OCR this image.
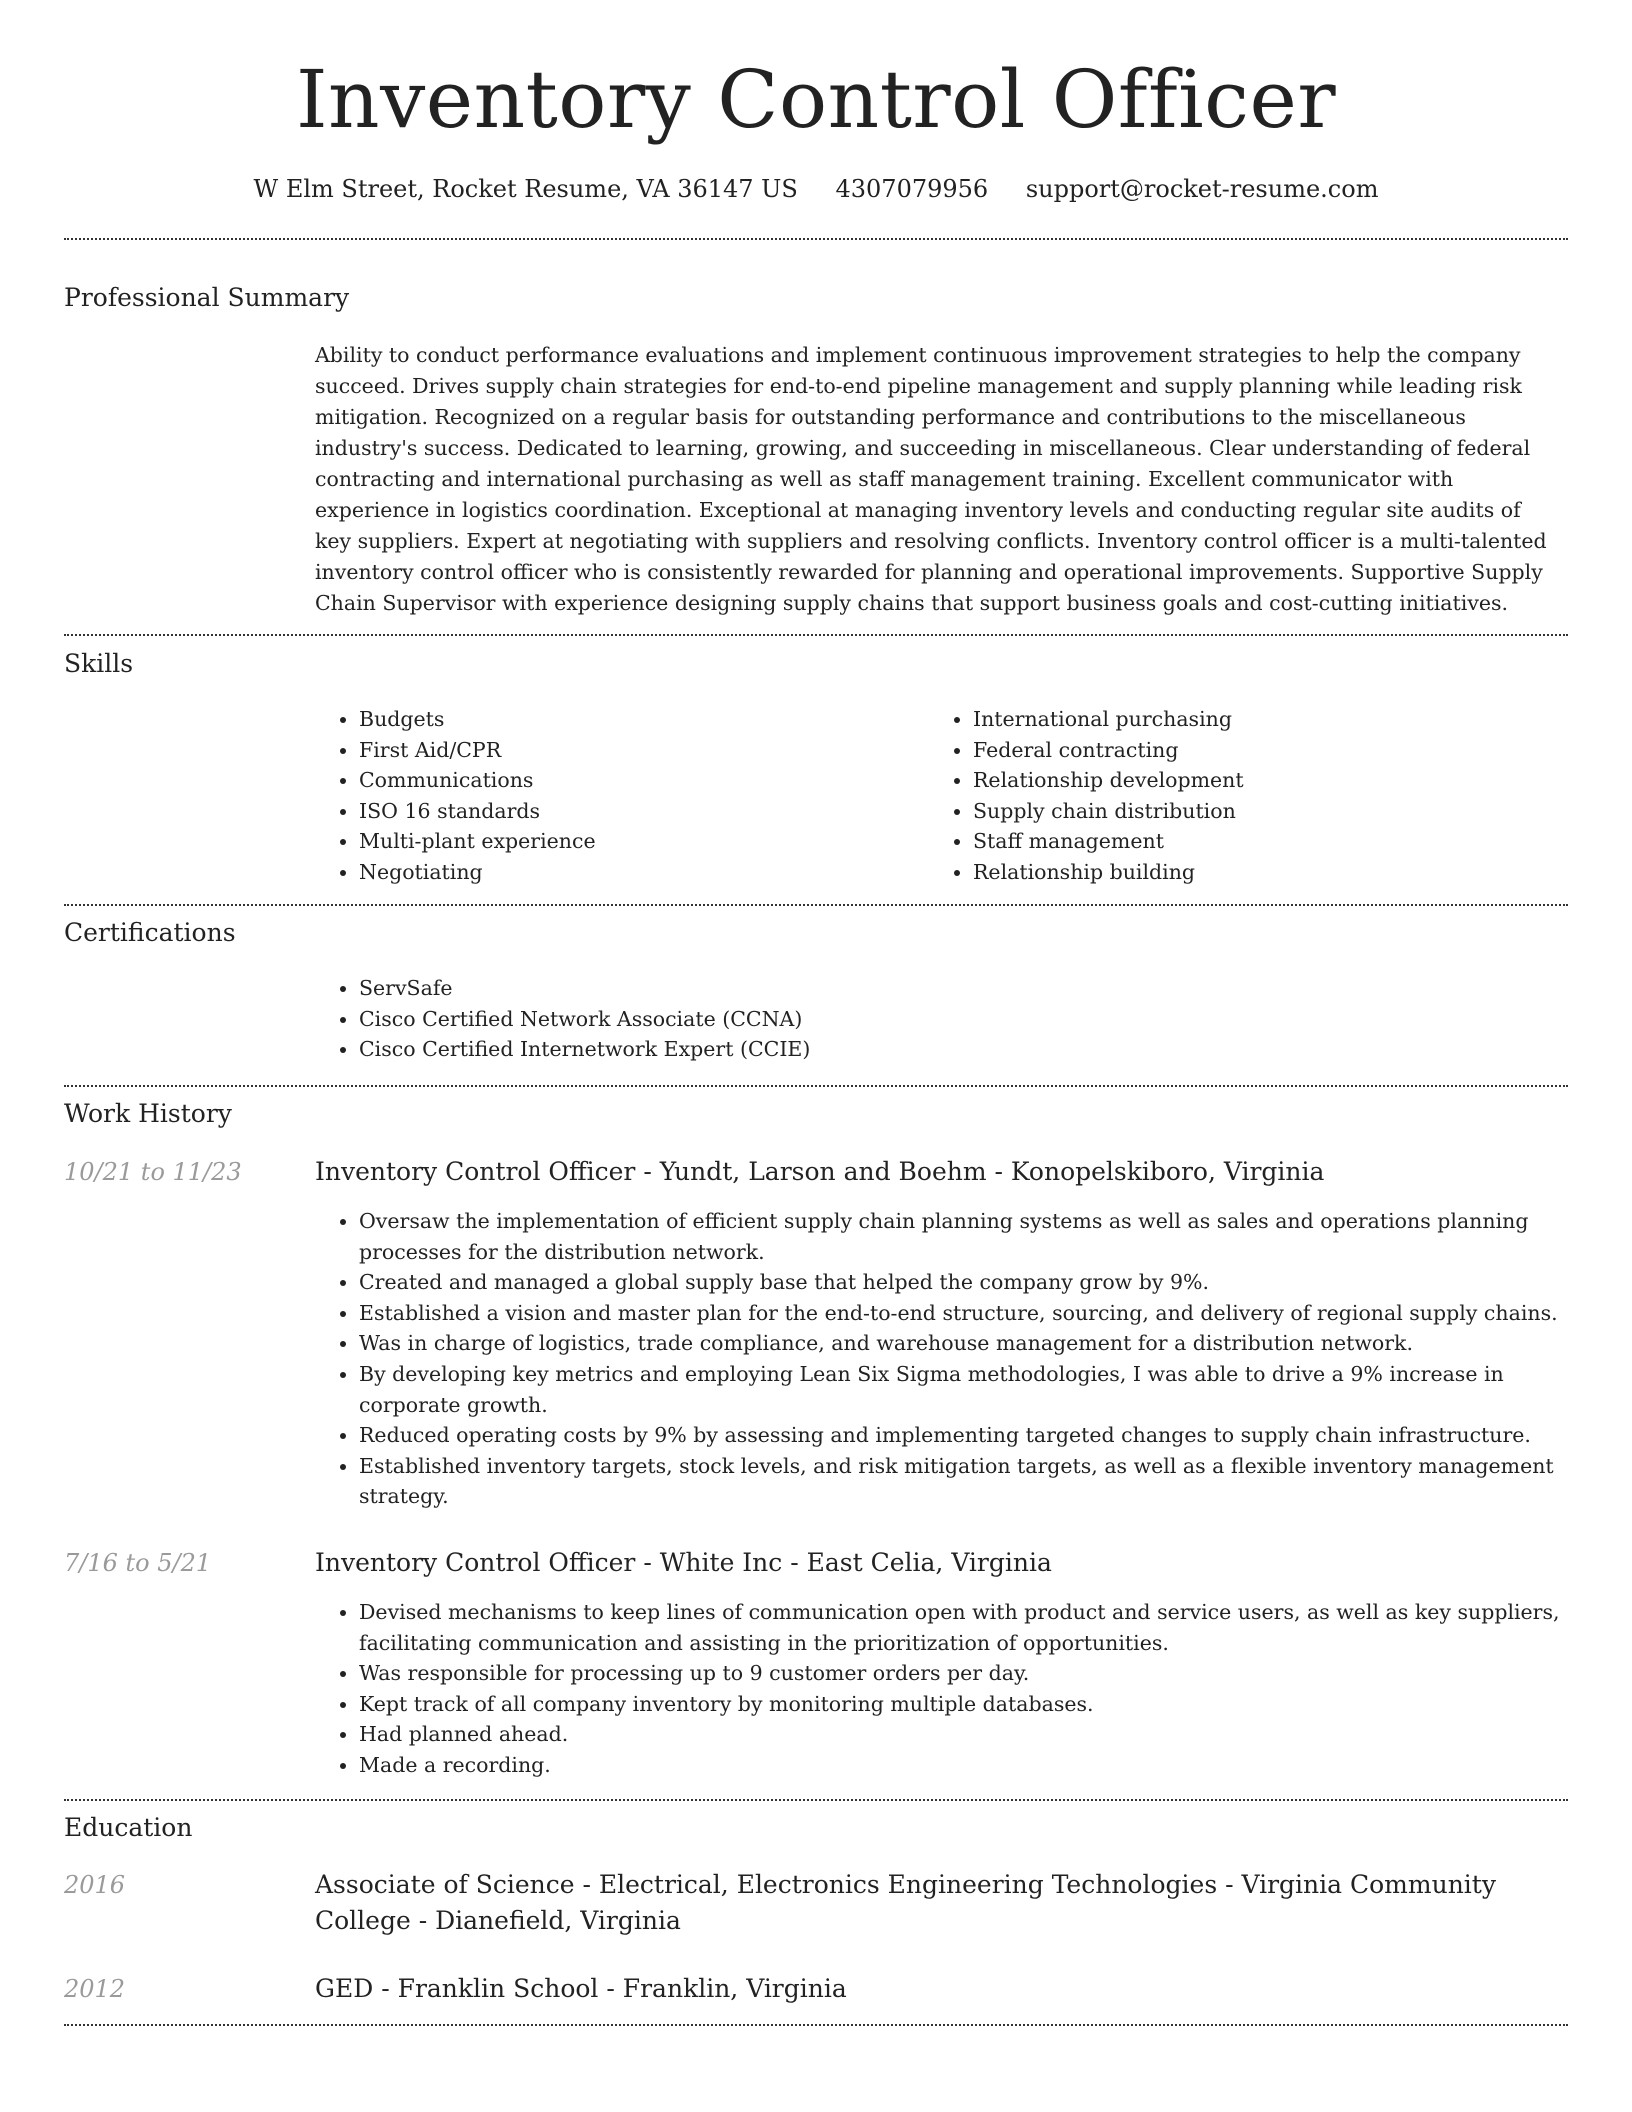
Inventory Control Officer
W Elm Street, Rocket Resume, VA 36147 US 4307079956 support@rocket-resume.com
Professional Summary
Ability to conduct performance evaluations and implement continuous improvement strategies to help the company succeed. Drives supply chain strategies for end-to-end pipeline management and supply planning while leading risk mitigation. Recognized on a regular basis for outstanding performance and contributions to the miscellaneous industry's success. Dedicated to learning, growing, and succeeding in miscellaneous. Clear understanding of federal contracting and international purchasing as well as staff management training. Excellent communicator with experience in logistics coordination. Exceptional at managing inventory levels and conducting regular site audits of key suppliers. Expert at negotiating with suppliers and resolving conflicts. Inventory control officer is a multi-talented inventory control officer who is consistently rewarded for planning and operational improvements. Supportive Supply Chain Supervisor with experience designing supply chains that support business goals and cost-cutting initiatives.
Skills
• Budgets
• First Aid/CPR
• Communications
• ISO 16 standards
• Multi-plant experience
• Negotiating
• International purchasing
• Federal contracting
• Relationship development
• Supply chain distribution
• Staff management
• Relationship building
Certifications
• ServSafe
• Cisco Certified Network Associate (CCNA)
• Cisco Certified Internetwork Expert (CCIE)
Work History
10/21 to 11/23	Inventory Control Officer - Yundt, Larson and Boehm - Konopelskiboro, Virginia
• Oversaw the implementation of efficient supply chain planning systems as well as sales and operations planning processes for the distribution network.
• Created and managed a global supply base that helped the company grow by 9%.
• Established a vision and master plan for the end-to-end structure, sourcing, and delivery of regional supply chains.
• Was in charge of logistics, trade compliance, and warehouse management for a distribution network.
• By developing key metrics and employing Lean Six Sigma methodologies, I was able to drive a 9% increase in corporate growth.
• Reduced operating costs by 9% by assessing and implementing targeted changes to supply chain infrastructure.
• Established inventory targets, stock levels, and risk mitigation targets, as well as a flexible inventory management strategy.
7/16 to 5/21	Inventory Control Officer - White Inc - East Celia, Virginia
• Devised mechanisms to keep lines of communication open with product and service users, as well as key suppliers, facilitating communication and assisting in the prioritization of opportunities.
• Was responsible for processing up to 9 customer orders per day.
• Kept track of all company inventory by monitoring multiple databases.
• Had planned ahead.
• Made a recording.
Education
2016	Associate of Science - Electrical, Electronics Engineering Technologies - Virginia Community College - Dianefield, Virginia
2012	GED - Franklin School - Franklin, Virginia
